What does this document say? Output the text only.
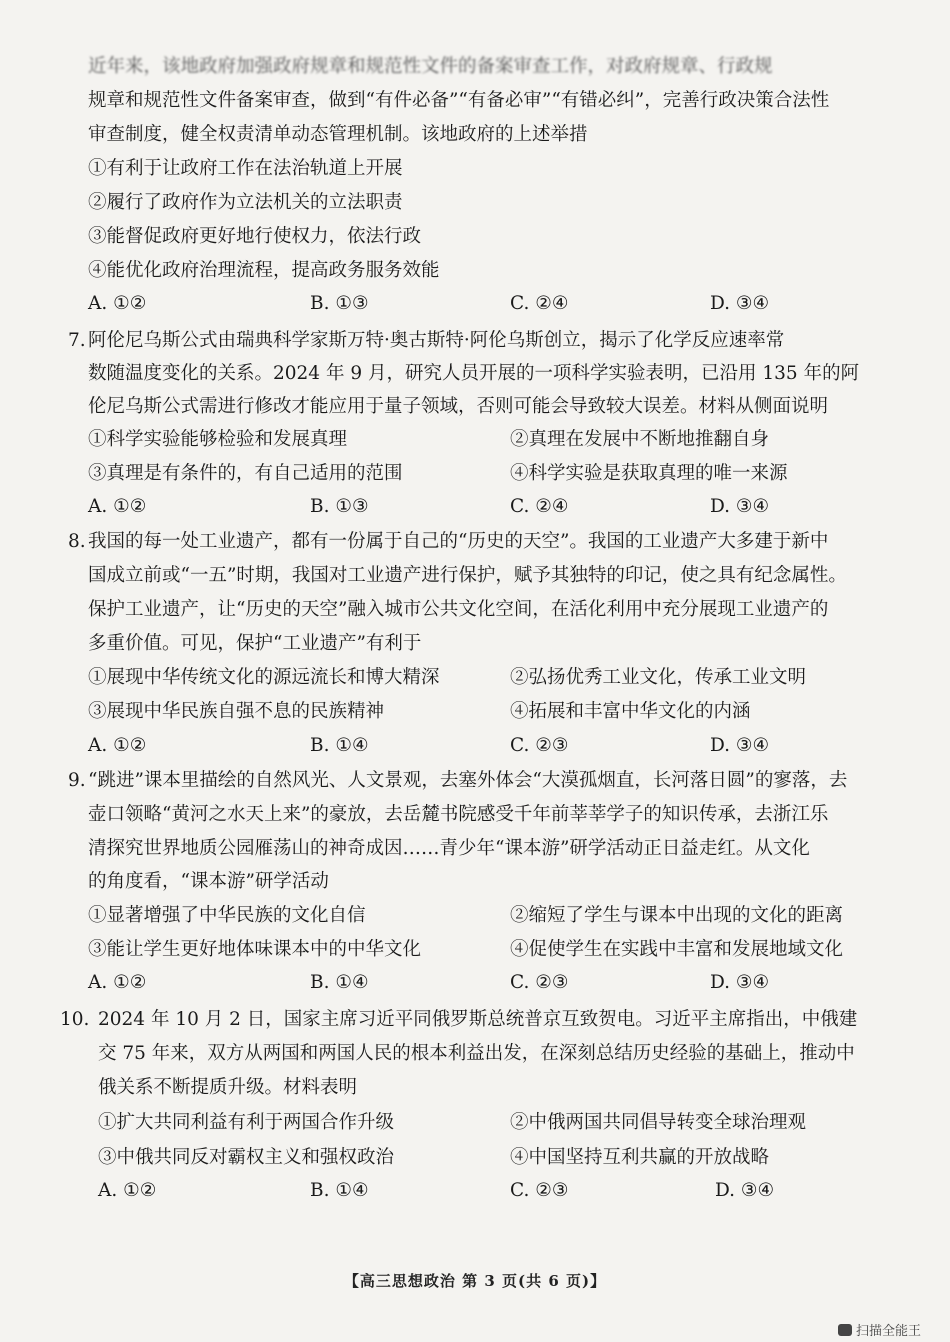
近年来，该地政府加强政府规章和规范性文件的备案审查工作，对政府规章、行政规
规章和规范性文件备案审查，做到“有件必备”“有备必审”“有错必纠”，完善行政决策合法性
审查制度，健全权责清单动态管理机制。该地政府的上述举措
①有利于让政府工作在法治轨道上开展
②履行了政府作为立法机关的立法职责
③能督促政府更好地行使权力，依法行政
④能优化政府治理流程，提高政务服务效能
A. ①②	B. ①③	C. ②④	D. ③④
7. 阿伦尼乌斯公式由瑞典科学家斯万特·奥古斯特·阿伦乌斯创立，揭示了化学反应速率常
数随温度变化的关系。2024 年 9 月，研究人员开展的一项科学实验表明，已沿用 135 年的阿
伦尼乌斯公式需进行修改才能应用于量子领域，否则可能会导致较大误差。材料从侧面说明
①科学实验能够检验和发展真理	②真理在发展中不断地推翻自身
③真理是有条件的，有自己适用的范围	④科学实验是获取真理的唯一来源
A. ①②	B. ①③	C. ②④	D. ③④
8. 我国的每一处工业遗产，都有一份属于自己的“历史的天空”。我国的工业遗产大多建于新中
国成立前或“一五”时期，我国对工业遗产进行保护，赋予其独特的印记，使之具有纪念属性。
保护工业遗产，让“历史的天空”融入城市公共文化空间，在活化利用中充分展现工业遗产的
多重价值。可见，保护“工业遗产”有利于
①展现中华传统文化的源远流长和博大精深	②弘扬优秀工业文化，传承工业文明
③展现中华民族自强不息的民族精神	④拓展和丰富中华文化的内涵
A. ①②	B. ①④	C. ②③	D. ③④
9. “跳进”课本里描绘的自然风光、人文景观，去塞外体会“大漠孤烟直，长河落日圆”的寥落，去
壶口领略“黄河之水天上来”的豪放，去岳麓书院感受千年前莘莘学子的知识传承，去浙江乐
清探究世界地质公园雁荡山的神奇成因……青少年“课本游”研学活动正日益走红。从文化
的角度看，“课本游”研学活动
①显著增强了中华民族的文化自信	②缩短了学生与课本中出现的文化的距离
③能让学生更好地体味课本中的中华文化	④促使学生在实践中丰富和发展地域文化
A. ①②	B. ①④	C. ②③	D. ③④
10. 2024 年 10 月 2 日，国家主席习近平同俄罗斯总统普京互致贺电。习近平主席指出，中俄建
交 75 年来，双方从两国和两国人民的根本利益出发，在深刻总结历史经验的基础上，推动中
俄关系不断提质升级。材料表明
①扩大共同利益有利于两国合作升级	②中俄两国共同倡导转变全球治理观
③中俄共同反对霸权主义和强权政治	④中国坚持互利共赢的开放战略
A. ①②	B. ①④	C. ②③	D. ③④
【高三思想政治 第 3 页(共 6 页)】
扫描全能王
